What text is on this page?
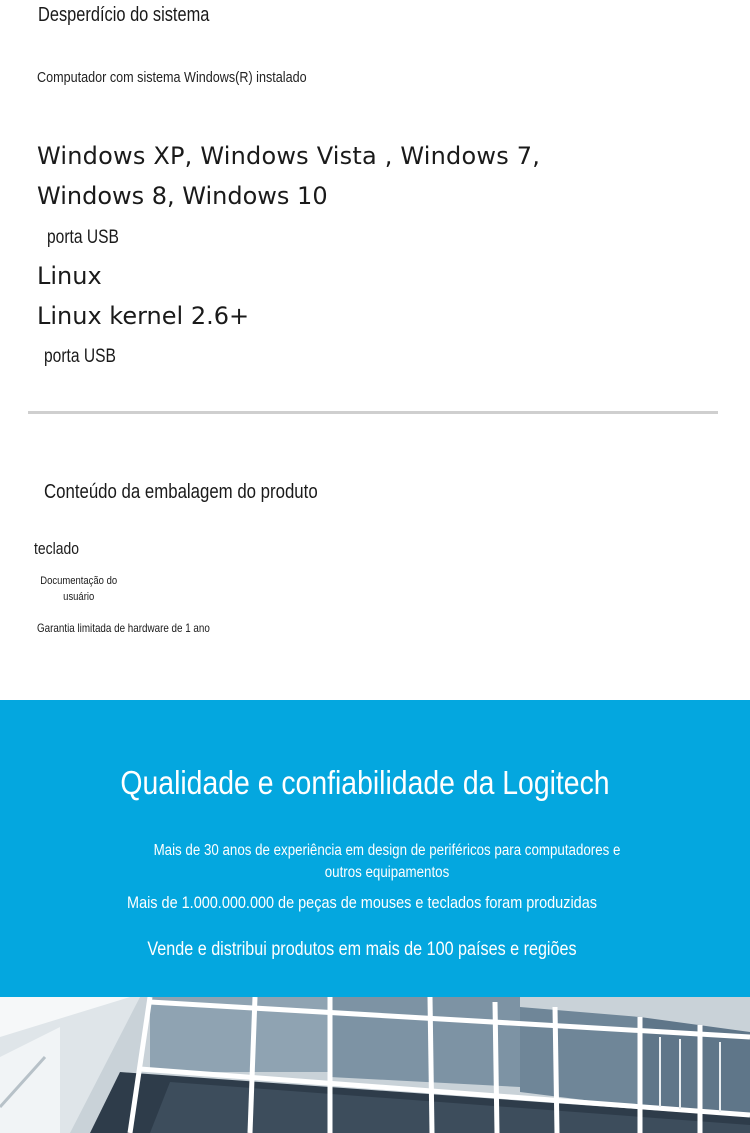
Desperdício do sistema
Computador com sistema Windows(R) instalado
Windows XP, Windows Vista , Windows 7,
Windows 8, Windows 10
porta USB
Linux
Linux kernel 2.6+
porta USB
Conteúdo da embalagem do produto
teclado
Documentação do
usuário
Garantia limitada de hardware de 1 ano
Qualidade e confiabilidade da Logitech
Mais de 30 anos de experiência em design de periféricos para computadores e
outros equipamentos
Mais de 1.000.000.000 de peças de mouses e teclados foram produzidas
Vende e distribui produtos em mais de 100 países e regiões
